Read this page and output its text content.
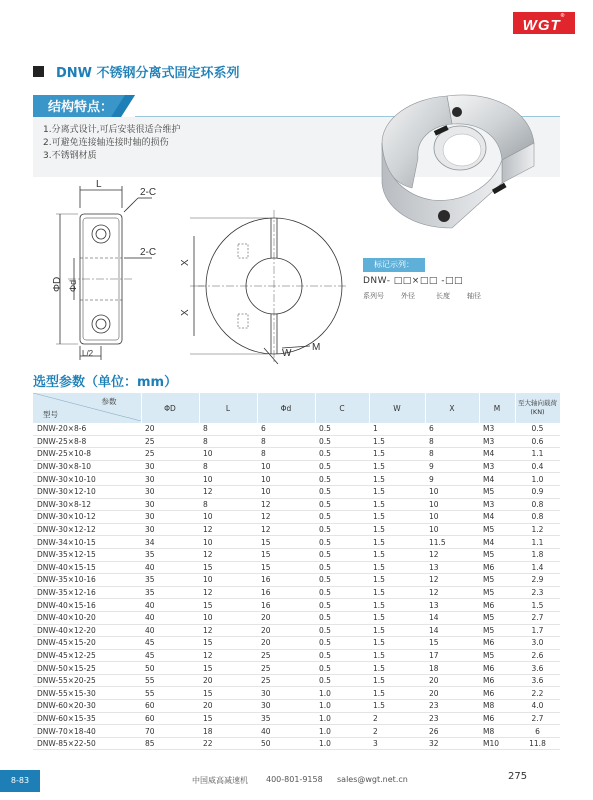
WGT®
DNW 不锈钢分离式固定环系列
结构特点：
1.分离式设计,可后安装很适合维护
2.可避免连接轴连接时轴的损伤
3.不锈钢材质
L
2-C
2-C
ΦD Φd
L/2
X
X
W
M
标记示列：
DNW- □□×□□ -□□
系列号 外径	长度 轴径
选型参数（单位：mm）
参数
型号	ΦD	L	Φd	C	W	X	M	至大轴向载荷
(KN)
DNW-20×8-6	20	8	6	0.5	1	6	M3	0.5
DNW-25×8-8	25	8	8	0.5	1.5	8	M3	0.6
DNW-25×10-8	25	10	8	0.5	1.5	8	M4	1.1
DNW-30×8-10	30	8	10	0.5	1.5	9	M3	0.4
DNW-30×10-10	30	10	10	0.5	1.5	9	M4	1.0
DNW-30×12-10	30	12	10	0.5	1.5	10	M5	0.9
DNW-30×8-12	30	8	12	0.5	1.5	10	M3	0.8
DNW-30×10-12	30	10	12	0.5	1.5	10	M4	0.8
DNW-30×12-12	30	12	12	0.5	1.5	10	M5	1.2
DNW-34×10-15	34	10	15	0.5	1.5	11.5	M4	1.1
DNW-35×12-15	35	12	15	0.5	1.5	12	M5	1.8
DNW-40×15-15	40	15	15	0.5	1.5	13	M6	1.4
DNW-35×10-16	35	10	16	0.5	1.5	12	M5	2.9
DNW-35×12-16	35	12	16	0.5	1.5	12	M5	2.3
DNW-40×15-16	40	15	16	0.5	1.5	13	M6	1.5
DNW-40×10-20	40	10	20	0.5	1.5	14	M5	2.7
DNW-40×12-20	40	12	20	0.5	1.5	14	M5	1.7
DNW-45×15-20	45	15	20	0.5	1.5	15	M6	3.0
DNW-45×12-25	45	12	25	0.5	1.5	17	M5	2.6
DNW-50×15-25	50	15	25	0.5	1.5	18	M6	3.6
DNW-55×20-25	55	20	25	0.5	1.5	20	M6	3.6
DNW-55×15-30	55	15	30	1.0	1.5	20	M6	2.2
DNW-60×20-30	60	20	30	1.0	1.5	23	M8	4.0
DNW-60×15-35	60	15	35	1.0	2	23	M6	2.7
DNW-70×18-40	70	18	40	1.0	2	26	M8	6
DNW-85×22-50	85	22	50	1.0	3	32	M10	11.8
8-83	中国威高减速机 400-801-9158 sales@wgt.net.cn	275
